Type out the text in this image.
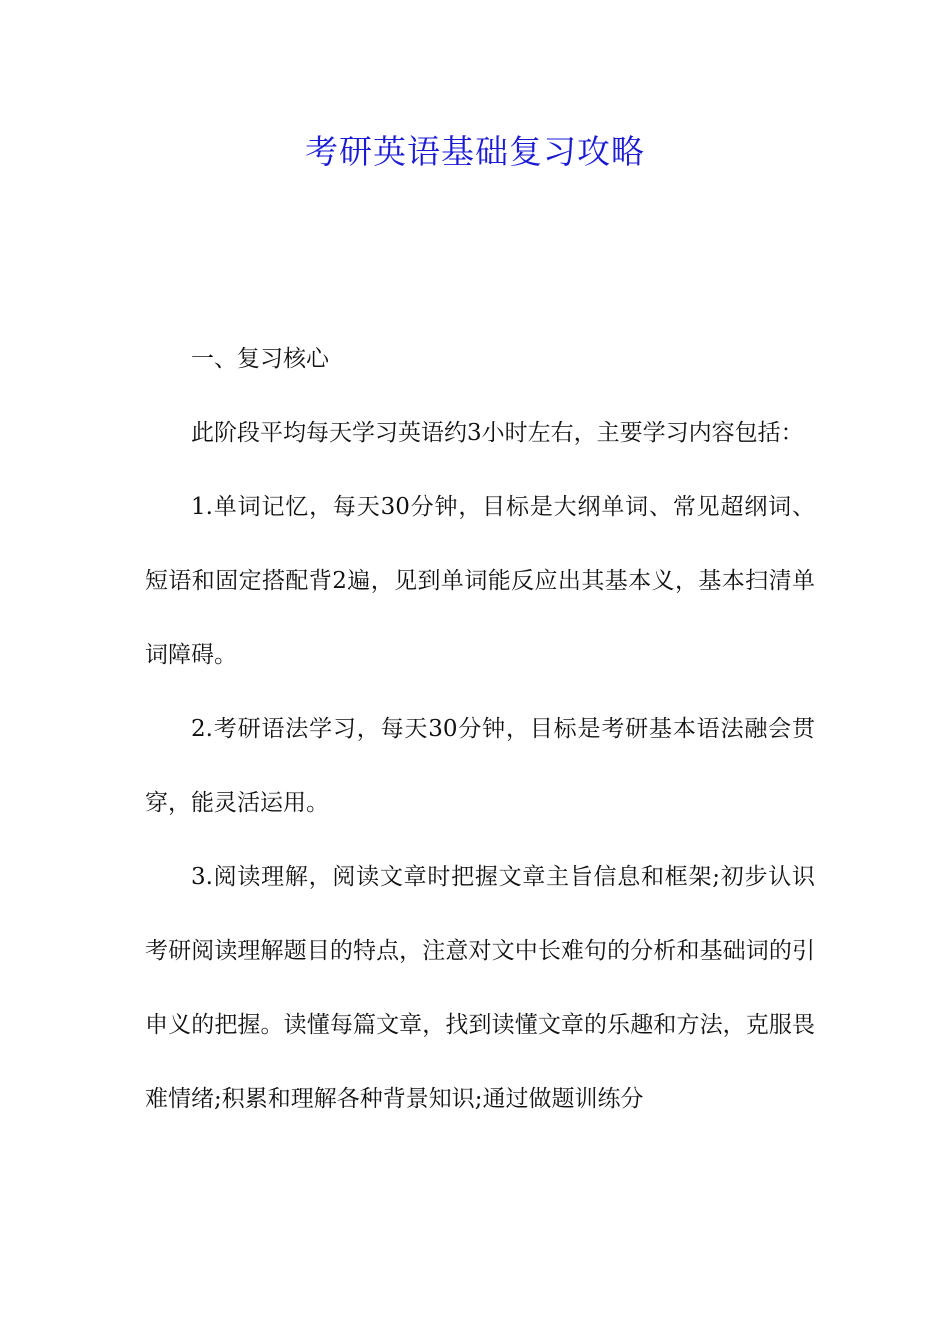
考研英语基础复习攻略

一、复习核心

此阶段平均每天学习英语约3小时左右，主要学习内容包括：

1.单词记忆，每天30分钟，目标是大纲单词、常见超纲词、短语和固定搭配背2遍，见到单词能反应出其基本义，基本扫清单词障碍。

2.考研语法学习，每天30分钟，目标是考研基本语法融会贯穿，能灵活运用。

3.阅读理解，阅读文章时把握文章主旨信息和框架;初步认识考研阅读理解题目的特点，注意对文中长难句的分析和基础词的引申义的把握。读懂每篇文章，找到读懂文章的乐趣和方法，克服畏难情绪;积累和理解各种背景知识;通过做题训练分
